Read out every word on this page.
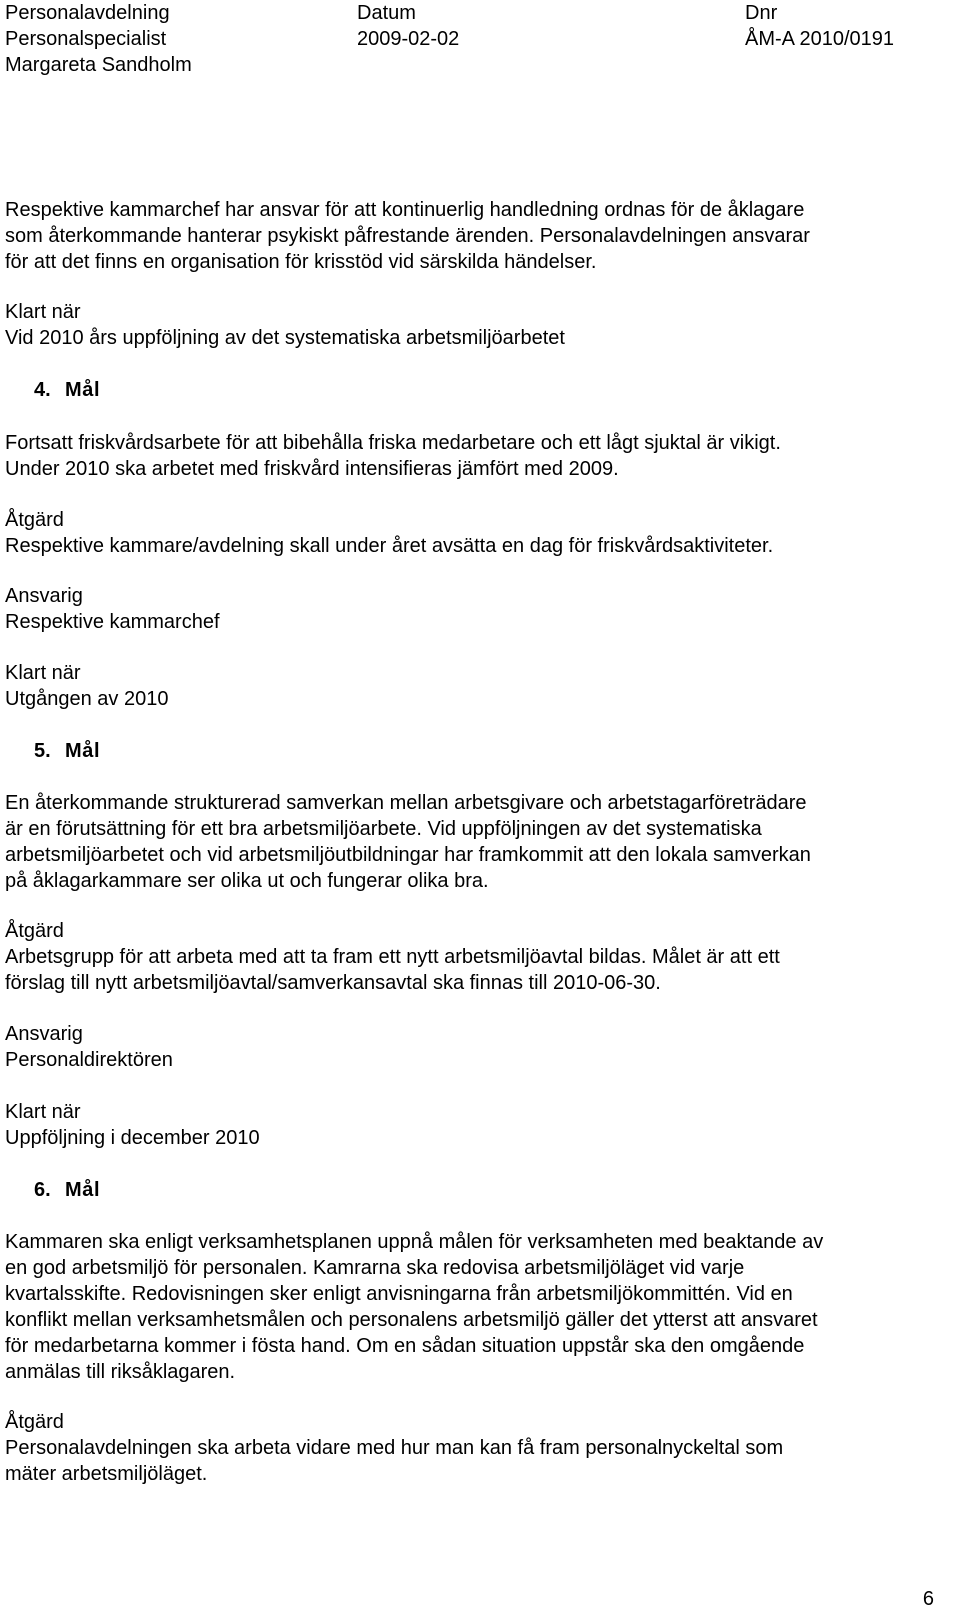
Personalavdelning
Personalspecialist
Margareta Sandholm
Datum
2009-02-02
Dnr
ÅM-A 2010/0191
Respektive kammarchef har ansvar för att kontinuerlig handledning ordnas för de åklagare
som återkommande hanterar psykiskt påfrestande ärenden. Personalavdelningen ansvarar
för att det finns en organisation för krisstöd vid särskilda händelser.
Klart när
Vid 2010 års uppföljning av det systematiska arbetsmiljöarbetet
4. Mål
Fortsatt friskvårdsarbete för att bibehålla friska medarbetare och ett lågt sjuktal är vikigt.
Under 2010 ska arbetet med friskvård intensifieras jämfört med 2009.
Åtgärd
Respektive kammare/avdelning skall under året avsätta en dag för friskvårdsaktiviteter.
Ansvarig
Respektive kammarchef
Klart när
Utgången av 2010
5. Mål
En återkommande strukturerad samverkan mellan arbetsgivare och arbetstagarföreträdare
är en förutsättning för ett bra arbetsmiljöarbete. Vid uppföljningen av det systematiska
arbetsmiljöarbetet och vid arbetsmiljöutbildningar har framkommit att den lokala samverkan
på åklagarkammare ser olika ut och fungerar olika bra.
Åtgärd
Arbetsgrupp för att arbeta med att ta fram ett nytt arbetsmiljöavtal bildas. Målet är att ett
förslag till nytt arbetsmiljöavtal/samverkansavtal ska finnas till 2010-06-30.
Ansvarig
Personaldirektören
Klart när
Uppföljning i december 2010
6. Mål
Kammaren ska enligt verksamhetsplanen uppnå målen för verksamheten med beaktande av
en god arbetsmiljö för personalen. Kamrarna ska redovisa arbetsmiljöläget vid varje
kvartalsskifte. Redovisningen sker enligt anvisningarna från arbetsmiljökommittén. Vid en
konflikt mellan verksamhetsmålen och personalens arbetsmiljö gäller det ytterst att ansvaret
för medarbetarna kommer i fösta hand. Om en sådan situation uppstår ska den omgående
anmälas till riksåklagaren.
Åtgärd
Personalavdelningen ska arbeta vidare med hur man kan få fram personalnyckeltal som
mäter arbetsmiljöläget.
6
